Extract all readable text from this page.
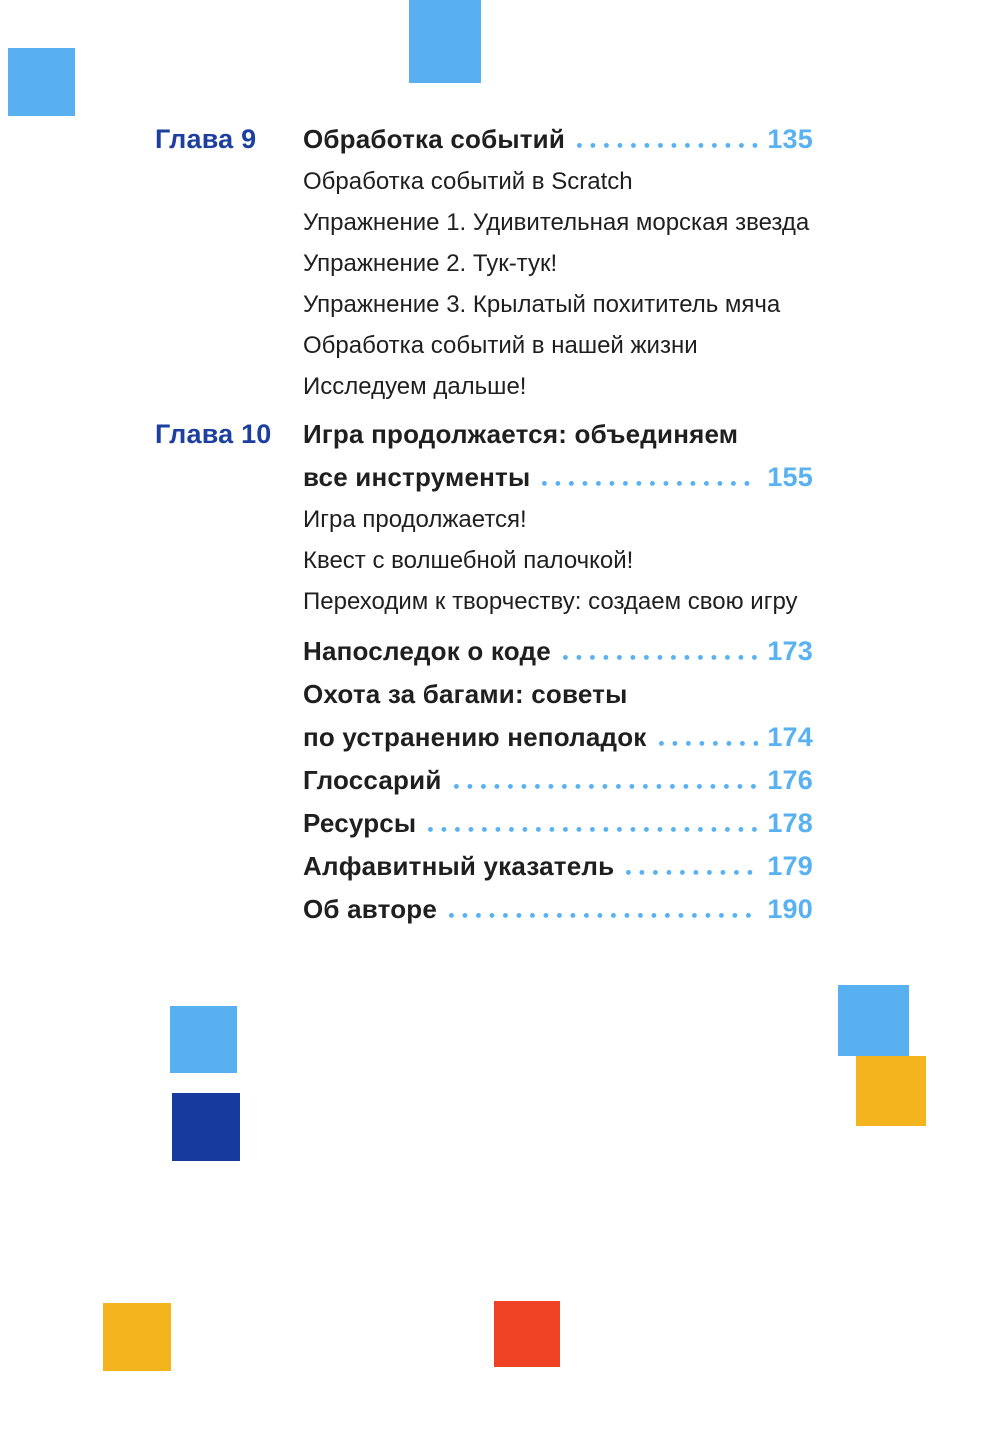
Глава 9	Обработка событий	135
Обработка событий в Scratch
Упражнение 1. Удивительная морская звезда
Упражнение 2. Тук-тук!
Упражнение 3. Крылатый похититель мяча
Обработка событий в нашей жизни
Исследуем дальше!
Глава 10	Игра продолжается: объединяем
все инструменты	155
Игра продолжается!
Квест с волшебной палочкой!
Переходим к творчеству: создаем свою игру
Напоследок о коде	173
Охота за багами: советы
по устранению неполадок	174
Глоссарий	176
Ресурсы	178
Алфавитный указатель	179
Об авторе	190
